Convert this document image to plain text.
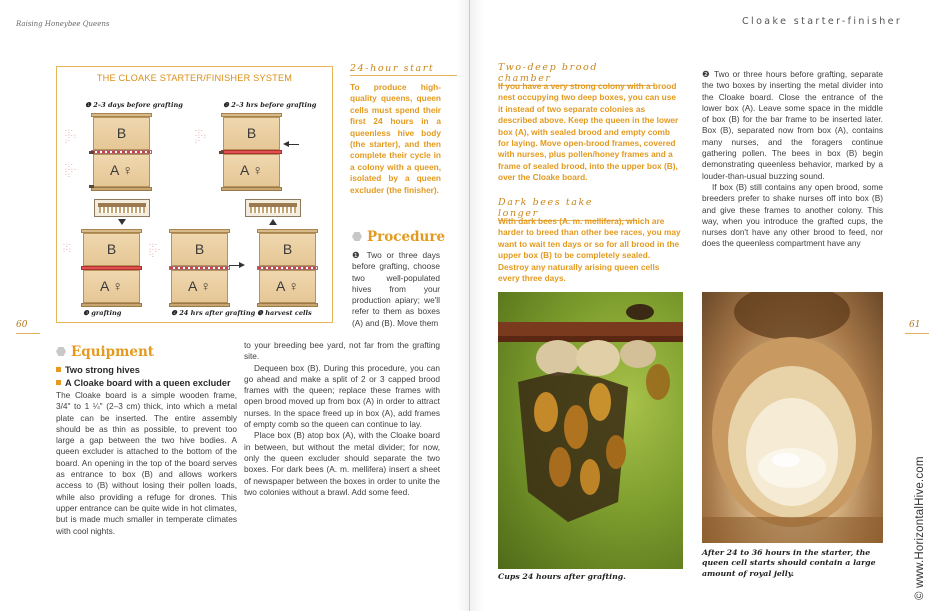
Raising Honeybee Queens	Cloake starter-finisher
60	61
THE CLOAKE STARTER/FINISHER SYSTEM
❶ 2–3 days before grafting	❷ 2–3 hrs before grafting
B
A ♀
·:·
·:·:
:·
·:·
:·:·
·:
B
A ♀
·:·
·:·:
:·
B
A ♀
·:·
:·:	B
A ♀
·:·
:·:·
·:	B
A ♀
❸ grafting	❹ 24 hrs after grafting ❺ harvest cells
24-hour start
To produce high-quality queens, queen cells must spend their first 24 hours in a queenless hive body (the starter), and then complete their cycle in a colony with a queen, isolated by a queen excluder (the finisher).
Procedure
❶ Two or three days before grafting, choose two well-populated hives from your production apiary; we'll refer to them as boxes (A) and (B). Move them

to your breeding bee yard, not far from the grafting site.

Dequeen box (B). During this procedure, you can go ahead and make a split of 2 or 3 capped brood frames with the queen; replace these frames with open brood moved up from box (A) in order to attract nurses. In the space freed up in box (A), add frames of empty comb so the queen can continue to lay.

Place box (B) atop box (A), with the Cloake board in between, but without the metal divider; for now, only the queen excluder should separate the two boxes. For dark bees (A. m. mellifera) insert a sheet of newspaper between the boxes in order to unite the two colonies without a brawl. Add some feed.

Equipment
Two strong hives
A Cloake board with a queen excluder
The Cloake board is a simple wooden frame, 3/4" to 1 ¼" (2–3 cm) thick, into which a metal plate can be inserted. The entire assembly should be as thin as possible, to prevent too large a gap between the two hive bodies. A queen excluder is attached to the bottom of the board. An opening in the top of the board serves as entrance to box (B) and allows workers access to (B) without losing their pollen loads, while also providing a refuge for drones. This upper entrance can be quite wide in hot climates, but is made much smaller in temperate climates with cool nights.
Two-deep brood chamber
If you have a very strong colony with a brood nest occupying two deep boxes, you can use it instead of two separate colonies as described above. Keep the queen in the lower box (A), with sealed brood and empty comb for laying. Move open-brood frames, covered with nurses, plus pollen/honey frames and a frame of sealed brood, into the upper box (B), over the Cloake board.
Dark bees take longer
With dark bees (A. m. mellifera), which are harder to breed than other bee races, you may want to wait ten days or so for all brood in the upper box (B) to be completely sealed. Destroy any naturally arising queen cells every three days.

❷ Two or three hours before grafting, separate the two boxes by inserting the metal divider into the Cloake board. Close the entrance of the lower box (A). Leave some space in the middle of box (B) for the bar frame to be inserted later. Box (B), separated now from box (A), contains many nurses, and the foragers continue gathering pollen. The bees in box (B) begin demonstrating queenless behavior, marked by a louder-than-usual buzzing sound.

If box (B) still contains any open brood, some breeders prefer to shake nurses off into box (B) and give these frames to another colony. This way, when you introduce the grafted cups, the nurses don't have any other brood to feed, nor does the queenless compartment have any

Cups 24 hours after grafting.
After 24 to 36 hours in the starter, the queen cell starts should contain a large amount of royal jelly.	© www.HorizontalHive.com
